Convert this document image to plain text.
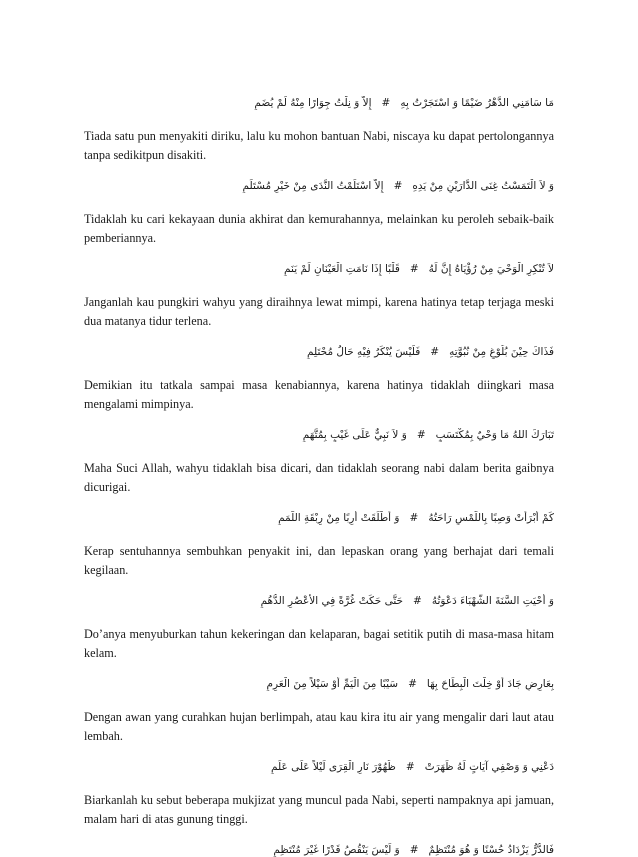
مَا سَامَنِي الدَّهْرُ ضَيْمًا وَ اسْتَجَرْتُ بِهِ#إِلاَّ وَ نِلْتُ جِوَارًا مِنْهُ لَمْ يُضَمِ

Tiada satu pun menyakiti diriku, lalu ku mohon bantuan Nabi, niscaya ku dapat pertolongannya tanpa sedikitpun disakiti.

وَ لاَ الْتَمَسْتُ غِنَى الدَّارَيْنِ مِنْ يَدِهِ#إِلاَّ اسْتَلَمْتُ النَّدَى مِنْ خَيْرِ مُسْتَلَمِ

Tidaklah ku cari kekayaan dunia akhirat dan kemurahannya, melainkan ku peroleh sebaik-baik pemberiannya.

لاَ تُنْكِرِ الْوَحْيَ مِنْ رُؤْيَاهُ إِنَّ لَهُ#قَلْبًا إِذَا نَامَتِ الْعَيْنَانِ لَمْ يَنَمِ

Janganlah kau pungkiri wahyu yang diraihnya lewat mimpi, karena hatinya tetap terjaga meski dua matanya tidur terlena.

فَذَاكَ حِيْنَ بُلُوْغٍ مِنْ نُبُوَّتِهِ#فَلَيْسَ يُنْكَرُ فِيْهِ حَالُ مُحْتَلِمِ

Demikian itu tatkala sampai masa kenabiannya, karena hatinya tidaklah diingkari masa mengalami mimpinya.

تَبَارَكَ اللهُ مَا وَحْيٌ بِمُكْتَسَبٍ#وَ لاَ نَبِيٌّ عَلَى غَيْبٍ بِمُتَّهَمِ

Maha Suci Allah, wahyu tidaklah bisa dicari, dan tidaklah seorang nabi dalam berita gaibnya dicurigai.

كَمْ أَبْرَأَتْ وَصِبًا بِاللَّمْسِ رَاحَتُهُ#وَ أَطْلَقَتْ أَرِبًا مِنْ رِبْقَةِ اللَّمَمِ

Kerap sentuhannya sembuhkan penyakit ini, dan lepaskan orang yang berhajat dari temali kegilaan.

وَ أَحْيَتِ السَّنَةَ الشَّهْبَاءَ دَعْوَتُهُ#حَتَّى حَكَتْ غُرَّةً فِي الأَعْصُرِ الدُّهُمِ

Do’anya menyuburkan tahun kekeringan dan kelaparan, bagai setitik putih di masa-masa hitam kelam.

بِعَارِضٍ جَادَ أَوْ خِلْتَ الْبِطَاحَ بِهَا#سَيْبًا مِنَ الْيَمِّ أَوْ سَيْلاً مِنَ الْعَرِمِ

Dengan awan yang curahkan hujan berlimpah, atau kau kira itu air yang mengalir dari laut atau lembah.

دَعْنِي وَ وَصْفِي آيَاتٍ لَهُ ظَهَرَتْ#ظُهُوْرَ نَارِ الْقِرَى لَيْلاً عَلَى عَلَمِ

Biarkanlah ku sebut beberapa mukjizat yang muncul pada Nabi, seperti nampaknya api jamuan, malam hari di atas gunung tinggi.

فَالدُّرُّ يَزْدَادُ حُسْنًا وَ هُوَ مُنْتَظِمٌ#وَ لَيْسَ يَنْقُصُ قَدْرًا غَيْرَ مُنْتَظِمِ
